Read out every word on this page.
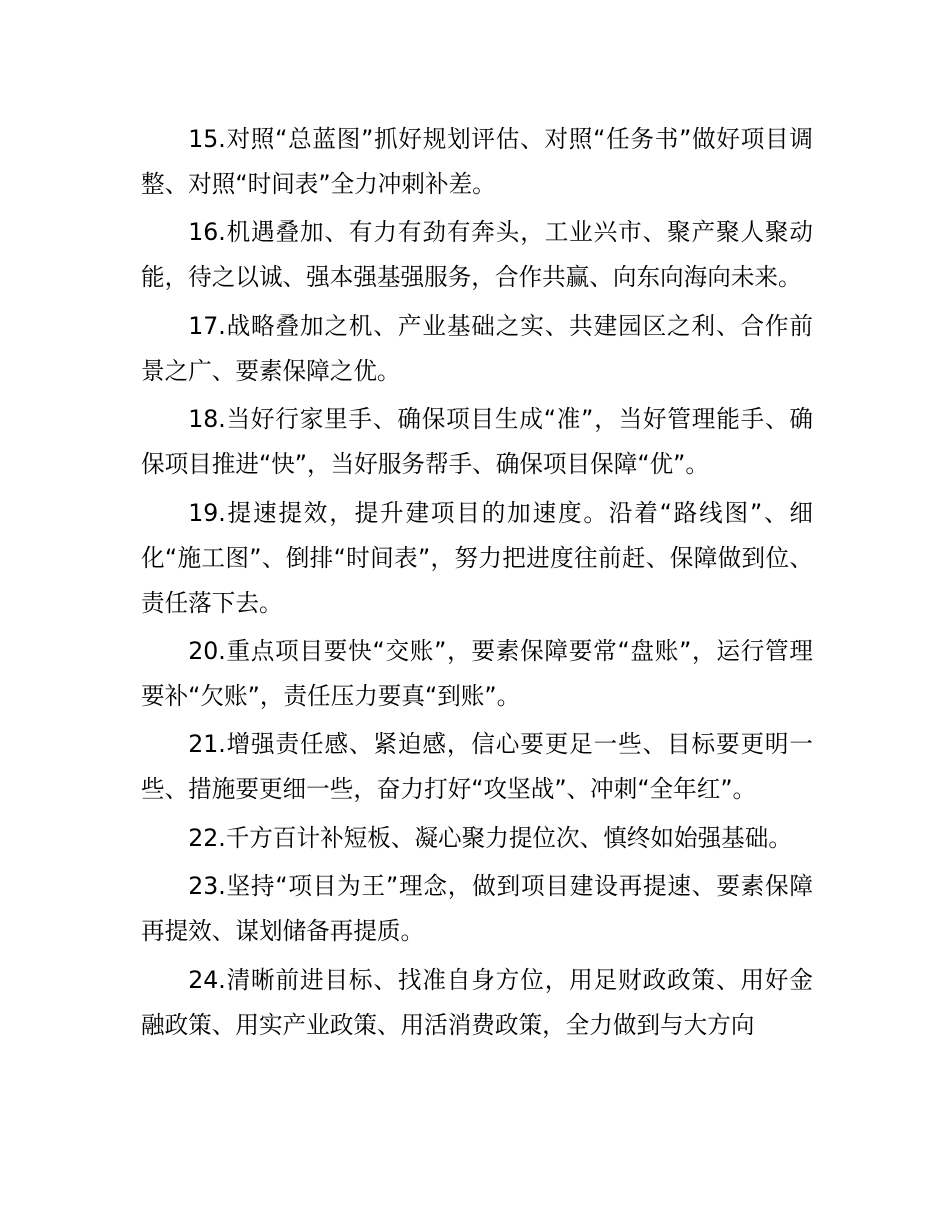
15.对照“总蓝图”抓好规划评估、对照“任务书”做好项目调整、对照“时间表”全力冲刺补差。

16.机遇叠加、有力有劲有奔头，工业兴市、聚产聚人聚动能，待之以诚、强本强基强服务，合作共赢、向东向海向未来。

17.战略叠加之机、产业基础之实、共建园区之利、合作前景之广、要素保障之优。

18.当好行家里手、确保项目生成“准”，当好管理能手、确保项目推进“快”，当好服务帮手、确保项目保障“优”。

19.提速提效，提升建项目的加速度。沿着“路线图”、细化“施工图”、倒排“时间表”，努力把进度往前赶、保障做到位、责任落下去。

20.重点项目要快“交账”，要素保障要常“盘账”，运行管理要补“欠账”，责任压力要真“到账”。

21.增强责任感、紧迫感，信心要更足一些、目标要更明一些、措施要更细一些，奋力打好“攻坚战”、冲刺“全年红”。

22.千方百计补短板、凝心聚力提位次、慎终如始强基础。

23.坚持“项目为王”理念，做到项目建设再提速、要素保障再提效、谋划储备再提质。

24.清晰前进目标、找准自身方位，用足财政政策、用好金融政策、用实产业政策、用活消费政策，全力做到与大方向
